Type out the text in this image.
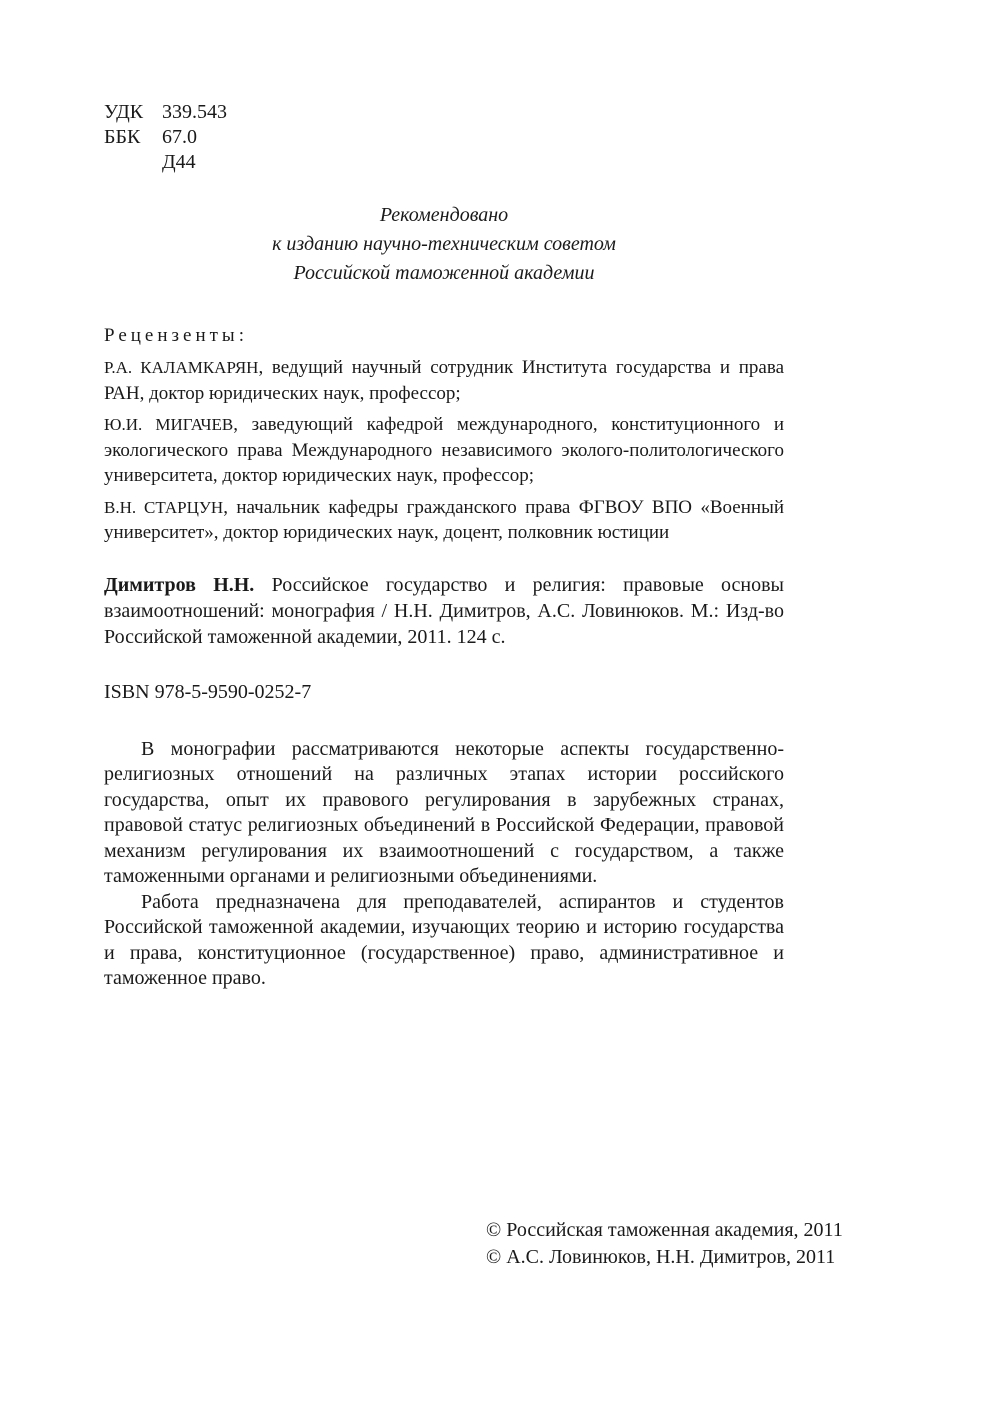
УДК 339.543
ББК	67.0
Д44
Рекомендовано
к изданию научно-техническим советом
Российской таможенной академии
Рецензенты:
Р.А. КАЛАМКАРЯН, ведущий научный сотрудник Института государства и права РАН, доктор юридических наук, профессор;
Ю.И. МИГАЧЕВ, заведующий кафедрой международного, конституционного и экологического права Международного независимого эколого-политологического университета, доктор юридических наук, профессор;
В.Н. СТАРЦУН, начальник кафедры гражданского права ФГВОУ ВПО «Военный университет», доктор юридических наук, доцент, полковник юстиции
Димитров Н.Н. Российское государство и религия: правовые основы взаимоотношений: монография / Н.Н. Димитров, А.С. Ловинюков. М.: Изд-во Российской таможенной академии, 2011. 124 с.
ISBN 978-5-9590-0252-7

В монографии рассматриваются некоторые аспекты государственно-религиозных отношений на различных этапах истории российского государства, опыт их правового регулирования в зарубежных странах, правовой статус религиозных объединений в Российской Федерации, правовой механизм регулирования их взаимоотношений с государством, а также таможенными органами и религиозными объединениями.

Работа предназначена для преподавателей, аспирантов и студентов Российской таможенной академии, изучающих теорию и историю государства и права, конституционное (государственное) право, административное и таможенное право.

© Российская таможенная академия, 2011
© А.С. Ловинюков, Н.Н. Димитров, 2011
